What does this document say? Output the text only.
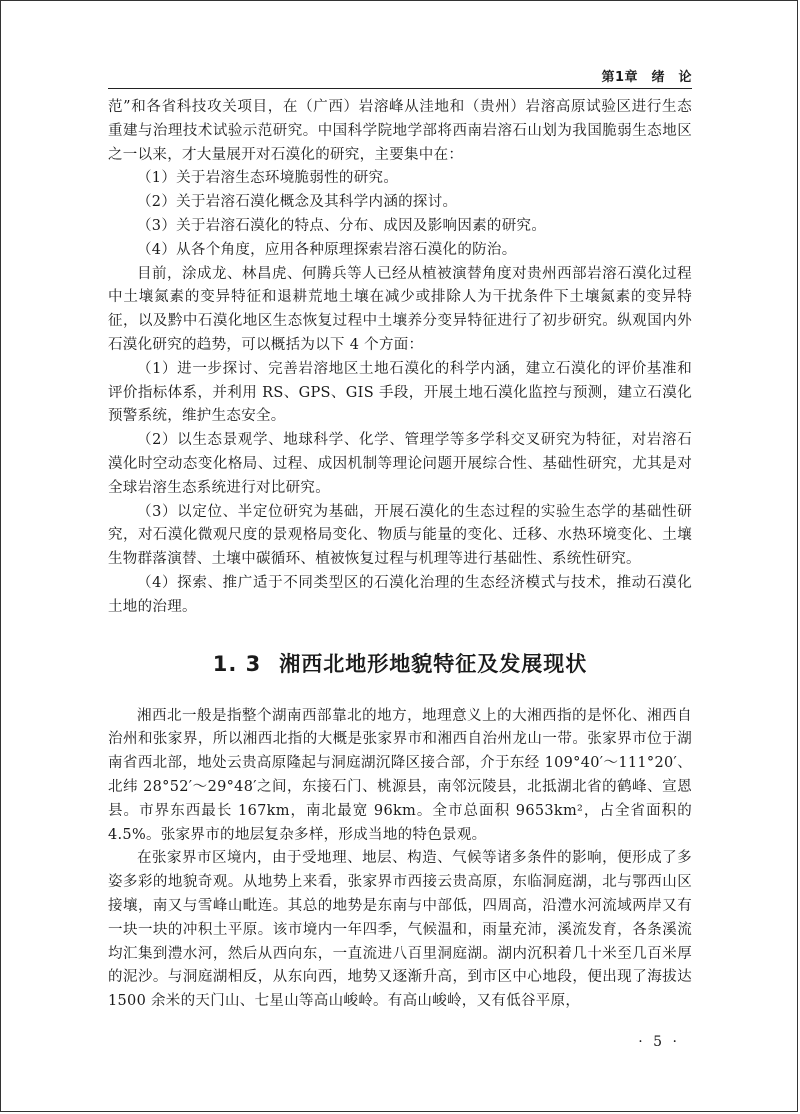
第1章　绪　论

范”和各省科技攻关项目，在（广西）岩溶峰从洼地和（贵州）岩溶高原试验区进行生态重建与治理技术试验示范研究。中国科学院地学部将西南岩溶石山划为我国脆弱生态地区之一以来，才大量展开对石漠化的研究，主要集中在：

（1）关于岩溶生态环境脆弱性的研究。

（2）关于岩溶石漠化概念及其科学内涵的探讨。

（3）关于岩溶石漠化的特点、分布、成因及影响因素的研究。

（4）从各个角度，应用各种原理探索岩溶石漠化的防治。

目前，涂成龙、林昌虎、何腾兵等人已经从植被演替角度对贵州西部岩溶石漠化过程中土壤氮素的变异特征和退耕荒地土壤在减少或排除人为干扰条件下土壤氮素的变异特征，以及黔中石漠化地区生态恢复过程中土壤养分变异特征进行了初步研究。纵观国内外石漠化研究的趋势，可以概括为以下 4 个方面：

（1）进一步探讨、完善岩溶地区土地石漠化的科学内涵，建立石漠化的评价基准和评价指标体系，并利用 RS、GPS、GIS 手段，开展土地石漠化监控与预测，建立石漠化预警系统，维护生态安全。

（2）以生态景观学、地球科学、化学、管理学等多学科交叉研究为特征，对岩溶石漠化时空动态变化格局、过程、成因机制等理论问题开展综合性、基础性研究，尤其是对全球岩溶生态系统进行对比研究。

（3）以定位、半定位研究为基础，开展石漠化的生态过程的实验生态学的基础性研究，对石漠化微观尺度的景观格局变化、物质与能量的变化、迁移、水热环境变化、土壤生物群落演替、土壤中碳循环、植被恢复过程与机理等进行基础性、系统性研究。

（4）探索、推广适于不同类型区的石漠化治理的生态经济模式与技术，推动石漠化土地的治理。

1. 3 湘西北地形地貌特征及发展现状

湘西北一般是指整个湖南西部靠北的地方，地理意义上的大湘西指的是怀化、湘西自治州和张家界，所以湘西北指的大概是张家界市和湘西自治州龙山一带。张家界市位于湖南省西北部，地处云贵高原隆起与洞庭湖沉降区接合部，介于东经 109°40′～111°20′、北纬 28°52′～29°48′之间，东接石门、桃源县，南邻沅陵县，北抵湖北省的鹤峰、宣恩县。市界东西最长 167km，南北最宽 96km。全市总面积 9653km²，占全省面积的 4.5%。张家界市的地层复杂多样，形成当地的特色景观。

在张家界市区境内，由于受地理、地层、构造、气候等诸多条件的影响，便形成了多姿多彩的地貌奇观。从地势上来看，张家界市西接云贵高原，东临洞庭湖，北与鄂西山区接壤，南又与雪峰山毗连。其总的地势是东南与中部低，四周高，沿澧水河流域两岸又有一块一块的冲积土平原。该市境内一年四季，气候温和，雨量充沛，溪流发育，各条溪流均汇集到澧水河，然后从西向东，一直流进八百里洞庭湖。湖内沉积着几十米至几百米厚的泥沙。与洞庭湖相反，从东向西，地势又逐渐升高，到市区中心地段，便出现了海拔达 1500 余米的天门山、七星山等高山峻岭。有高山峻岭，又有低谷平原，

· 5 ·
